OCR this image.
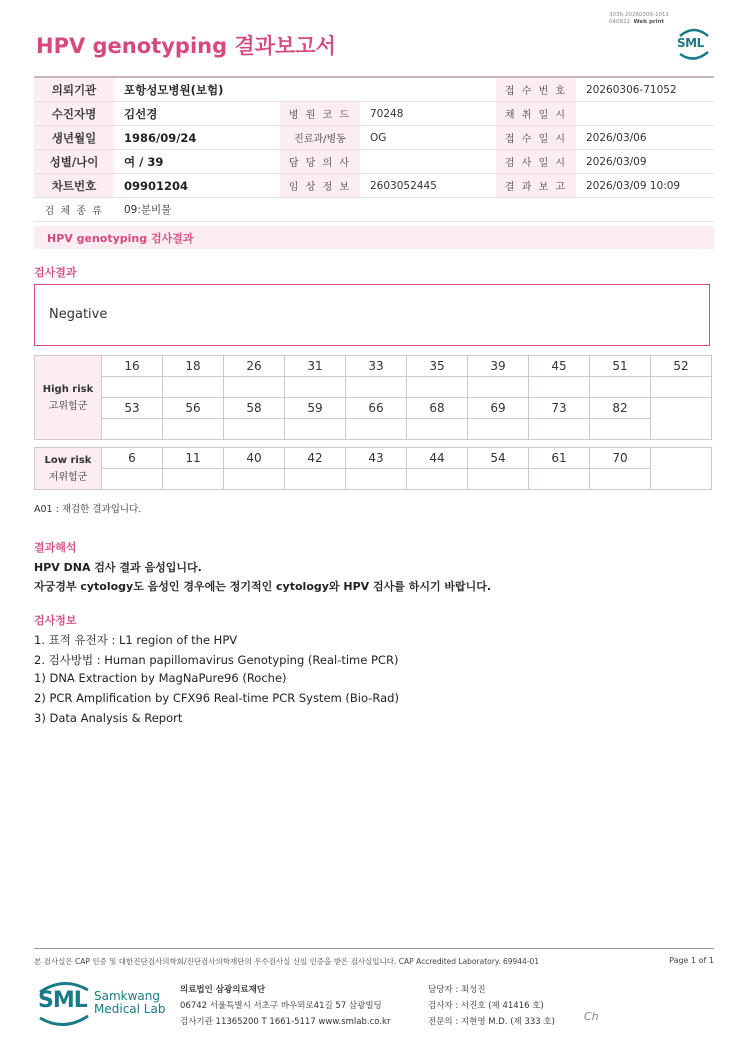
HPV genotyping 결과보고서
3036-20260309-1011
040822 Web print
SML
의뢰기관	포항성모병원(보험)			접 수 번 호	20260306-71052
수진자명	김선경	병 원 코 드	70248	채 취 일 시	
생년월일	1986/09/24	진료과/병동	OG	접 수 일 시	2026/03/06
성별/나이	여 / 39	담 당 의 사		검 사 일 시	2026/03/09
차트번호	09901204	임 상 정 보	2603052445	결 과 보 고	2026/03/09 10:09
검 체 종 류	09:분비물				
HPV genotyping 검사결과
검사결과
Negative
High risk
고위험군	16	18	26	31	33	35	39	45	51	52

	53	56	58	59	66	68	69	73	82	

Low risk
저위험군	6	11	40	42	43	44	54	61	70	

A01 : 재검한 결과입니다.
결과해석
HPV DNA 검사 결과 음성입니다.
자궁경부 cytology도 음성인 경우에는 정기적인 cytology와 HPV 검사를 하시기 바랍니다.
검사정보
1. 표적 유전자 : L1 region of the HPV
2. 검사방법 : Human papillomavirus Genotyping (Real-time PCR)
1) DNA Extraction by MagNaPure96 (Roche)
2) PCR Amplification by CFX96 Real-time PCR System (Bio-Rad)
3) Data Analysis & Report
본 검사실은 CAP 인증 및 대한진단검사의학회/진단검사의학재단의 우수검사실 신임 인증을 받은 검사실입니다. CAP Accredited Laboratory. 69944-01	Page 1 of 1
SML Samkwang
Medical Lab
의료법인 삼광의료재단
06742 서울특별시 서초구 바우뫼로41길 57 삼광빌딩
검사기관 11365200 T 1661-5117 www.smlab.co.kr
담당자 : 최성진
검사자 : 서진호 (제 41416 호)
전문의 : 지현영 M.D. (제 333 호)	Ch
